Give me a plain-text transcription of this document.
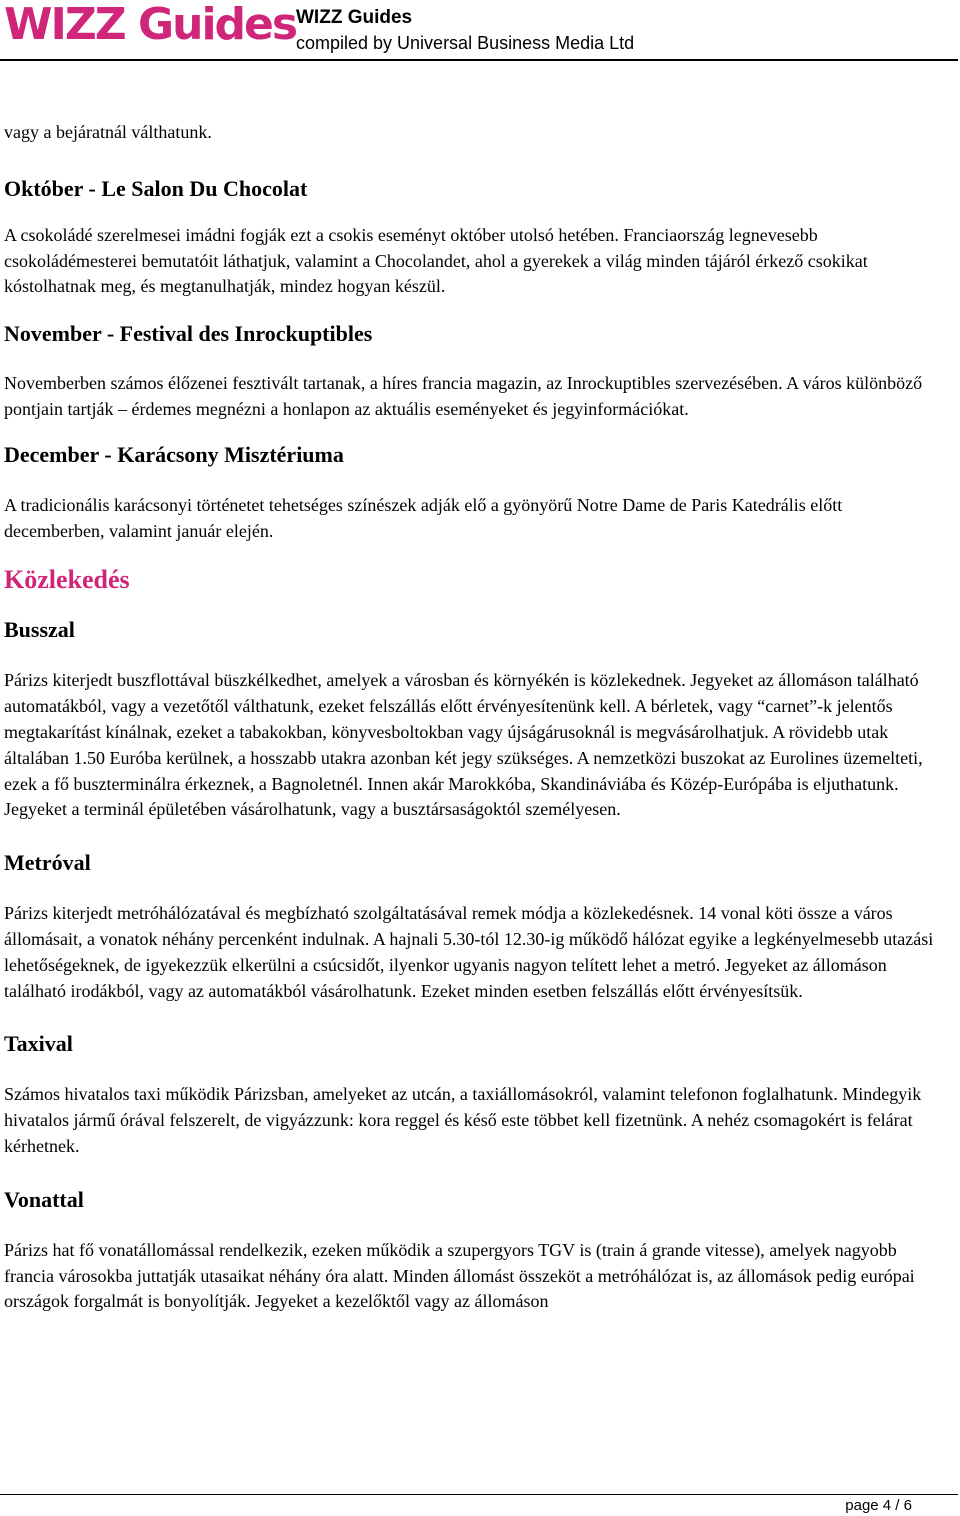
WIZZ Guides WIZZ Guides
compiled by Universal Business Media Ltd

vagy a bejáratnál válthatunk.

Október - Le Salon Du Chocolat

A csokoládé szerelmesei imádni fogják ezt a csokis eseményt október utolsó hetében. Franciaország legnevesebb csokoládémesterei bemutatóit láthatjuk, valamint a Chocolandet, ahol a gyerekek a világ minden tájáról érkező csokikat kóstolhatnak meg, és megtanulhatják, mindez hogyan készül.

November - Festival des Inrockuptibles

Novemberben számos élőzenei fesztivált tartanak, a híres francia magazin, az Inrockuptibles szervezésében. A város különböző pontjain tartják – érdemes megnézni a honlapon az aktuális eseményeket és jegyinformációkat.

December - Karácsony Misztériuma

A tradicionális karácsonyi történetet tehetséges színészek adják elő a gyönyörű Notre Dame de Paris Katedrális előtt decemberben, valamint január elején.

Közlekedés
Busszal

Párizs kiterjedt buszflottával büszkélkedhet, amelyek a városban és környékén is közlekednek. Jegyeket az állomáson található automatákból, vagy a vezetőtől válthatunk, ezeket felszállás előtt érvényesítenünk kell. A bérletek, vagy “carnet”-k jelentős megtakarítást kínálnak, ezeket a tabakokban, könyvesboltokban vagy újságárusoknál is megvásárolhatjuk. A rövidebb utak általában 1.50 Euróba kerülnek, a hosszabb utakra azonban két jegy szükséges. A nemzetközi buszokat az Eurolines üzemelteti, ezek a fő buszterminálra érkeznek, a Bagnoletnél. Innen akár Marokkóba, Skandináviába és Közép-Európába is eljuthatunk. Jegyeket a terminál épületében vásárolhatunk, vagy a busztársaságoktól személyesen.

Metróval

Párizs kiterjedt metróhálózatával és megbízható szolgáltatásával remek módja a közlekedésnek. 14 vonal köti össze a város állomásait, a vonatok néhány percenként indulnak. A hajnali 5.30-tól 12.30-ig működő hálózat egyike a legkényelmesebb utazási lehetőségeknek, de igyekezzük elkerülni a csúcsidőt, ilyenkor ugyanis nagyon telített lehet a metró. Jegyeket az állomáson található irodákból, vagy az automatákból vásárolhatunk. Ezeket minden esetben felszállás előtt érvényesítsük.

Taxival

Számos hivatalos taxi működik Párizsban, amelyeket az utcán, a taxiállomásokról, valamint telefonon foglalhatunk. Mindegyik hivatalos jármű órával felszerelt, de vigyázzunk: kora reggel és késő este többet kell fizetnünk. A nehéz csomagokért is felárat kérhetnek.

Vonattal

Párizs hat fő vonatállomással rendelkezik, ezeken működik a szupergyors TGV is (train á grande vitesse), amelyek nagyobb francia városokba juttatják utasaikat néhány óra alatt. Minden állomást összeköt a metróhálózat is, az állomások pedig európai országok forgalmát is bonyolítják. Jegyeket a kezelőktől vagy az állomáson

page 4 / 6
